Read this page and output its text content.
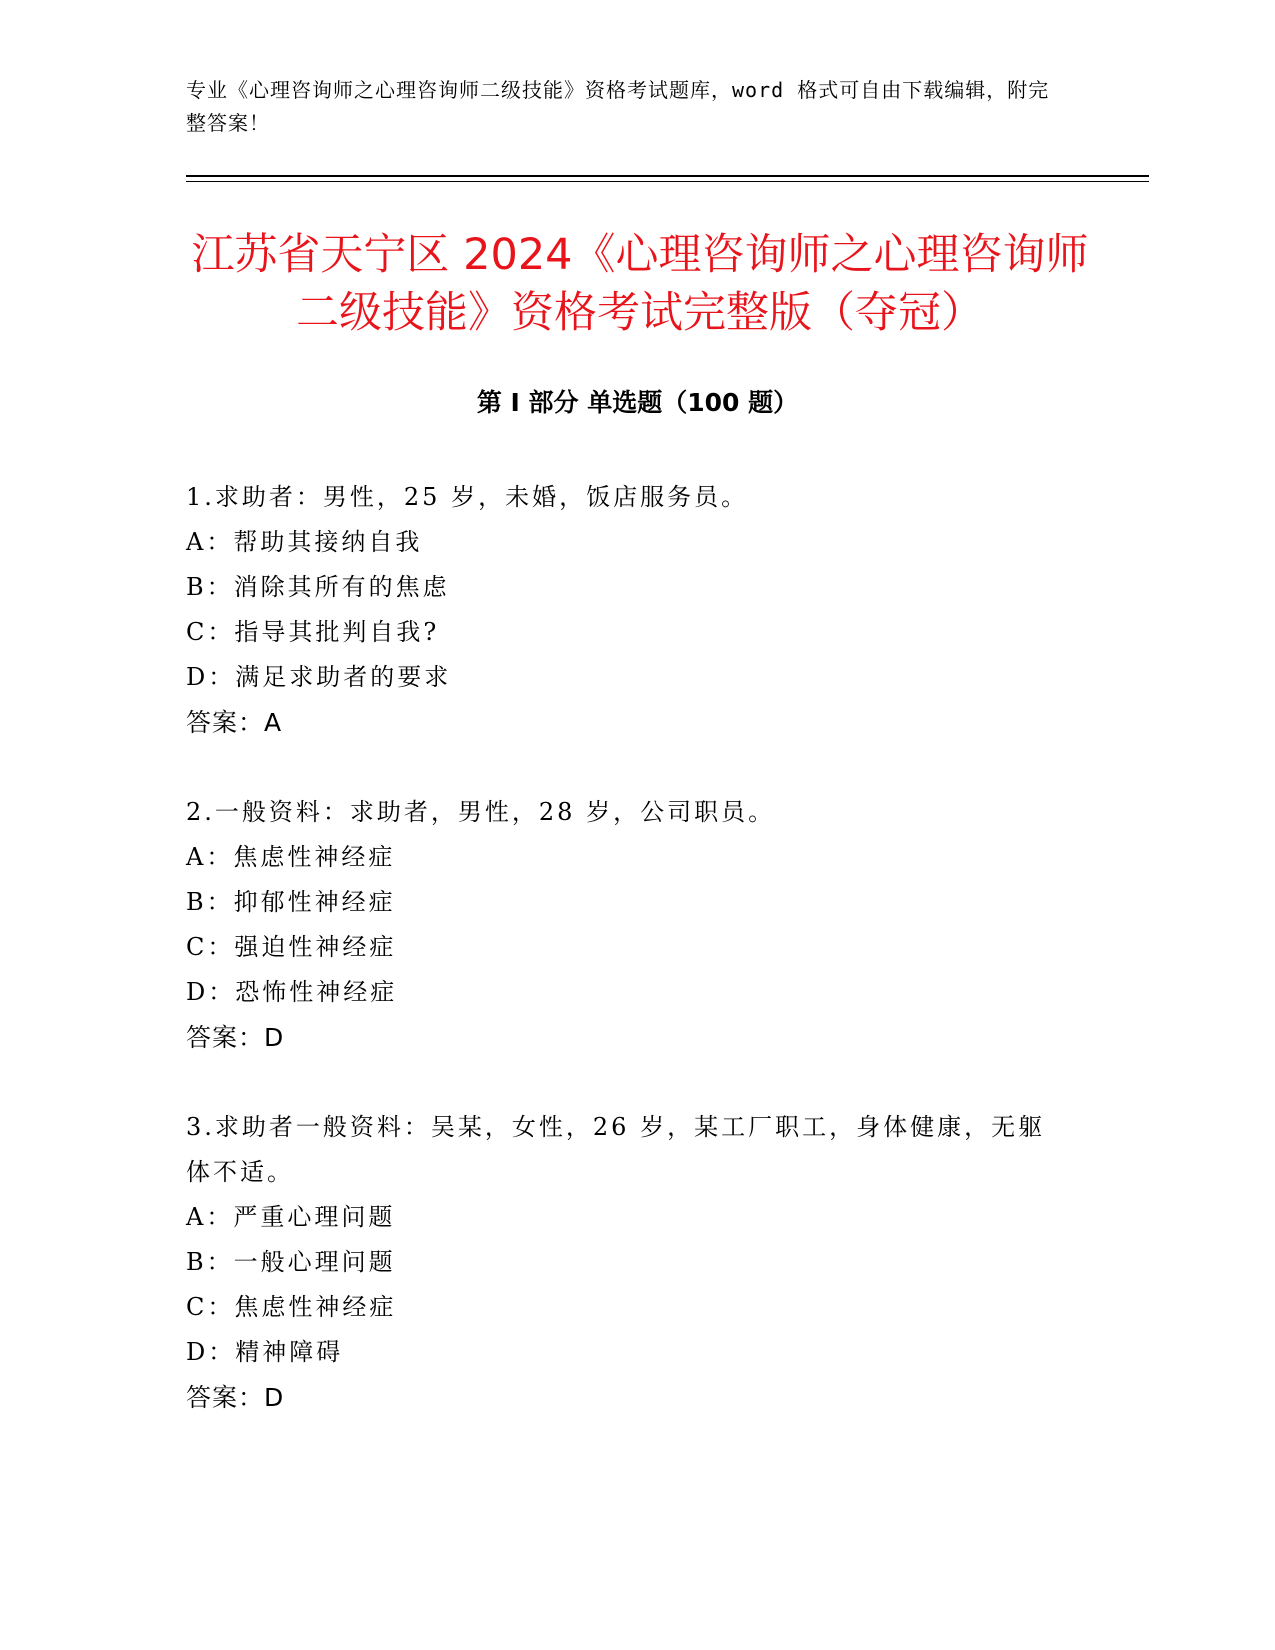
专业《心理咨询师之心理咨询师二级技能》资格考试题库，word 格式可自由下载编辑，附完整答案！
江苏省天宁区 2024《心理咨询师之心理咨询师二级技能》资格考试完整版（夺冠）
第 I 部分 单选题（100 题）
1.求助者：男性，25 岁，未婚，饭店服务员。
A：帮助其接纳自我
B：消除其所有的焦虑
C：指导其批判自我?
D：满足求助者的要求
答案：A
2.一般资料：求助者，男性，28 岁，公司职员。
A：焦虑性神经症
B：抑郁性神经症
C：强迫性神经症
D：恐怖性神经症
答案：D
3.求助者一般资料：吴某，女性，26 岁，某工厂职工，身体健康，无躯体不适。
A：严重心理问题
B：一般心理问题
C：焦虑性神经症
D：精神障碍
答案：D
